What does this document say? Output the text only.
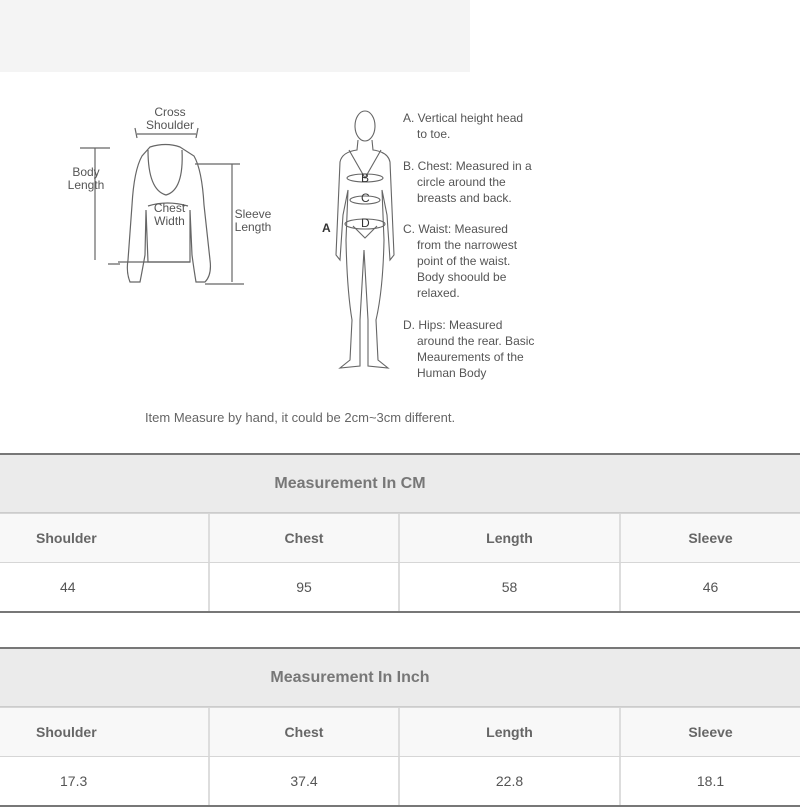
Cross Shoulder
Body Length
Chest Width	Sleeve Length	A
B
C
D
A. Vertical height head
to toe.
B. Chest: Measured in a
circle around the breasts and back.
C. Waist: Measured
from the narrowest point of the waist. Body shoould be relaxed.
D. Hips: Measured
around the rear. Basic Meaurements of the Human Body
Item Measure by hand, it could be 2cm~3cm different.
Measurement In CM
Shoulder	Chest	Length	Sleeve
44	95	58	46
Measurement In Inch
Shoulder	Chest	Length	Sleeve
17.3	37.4	22.8	18.1
